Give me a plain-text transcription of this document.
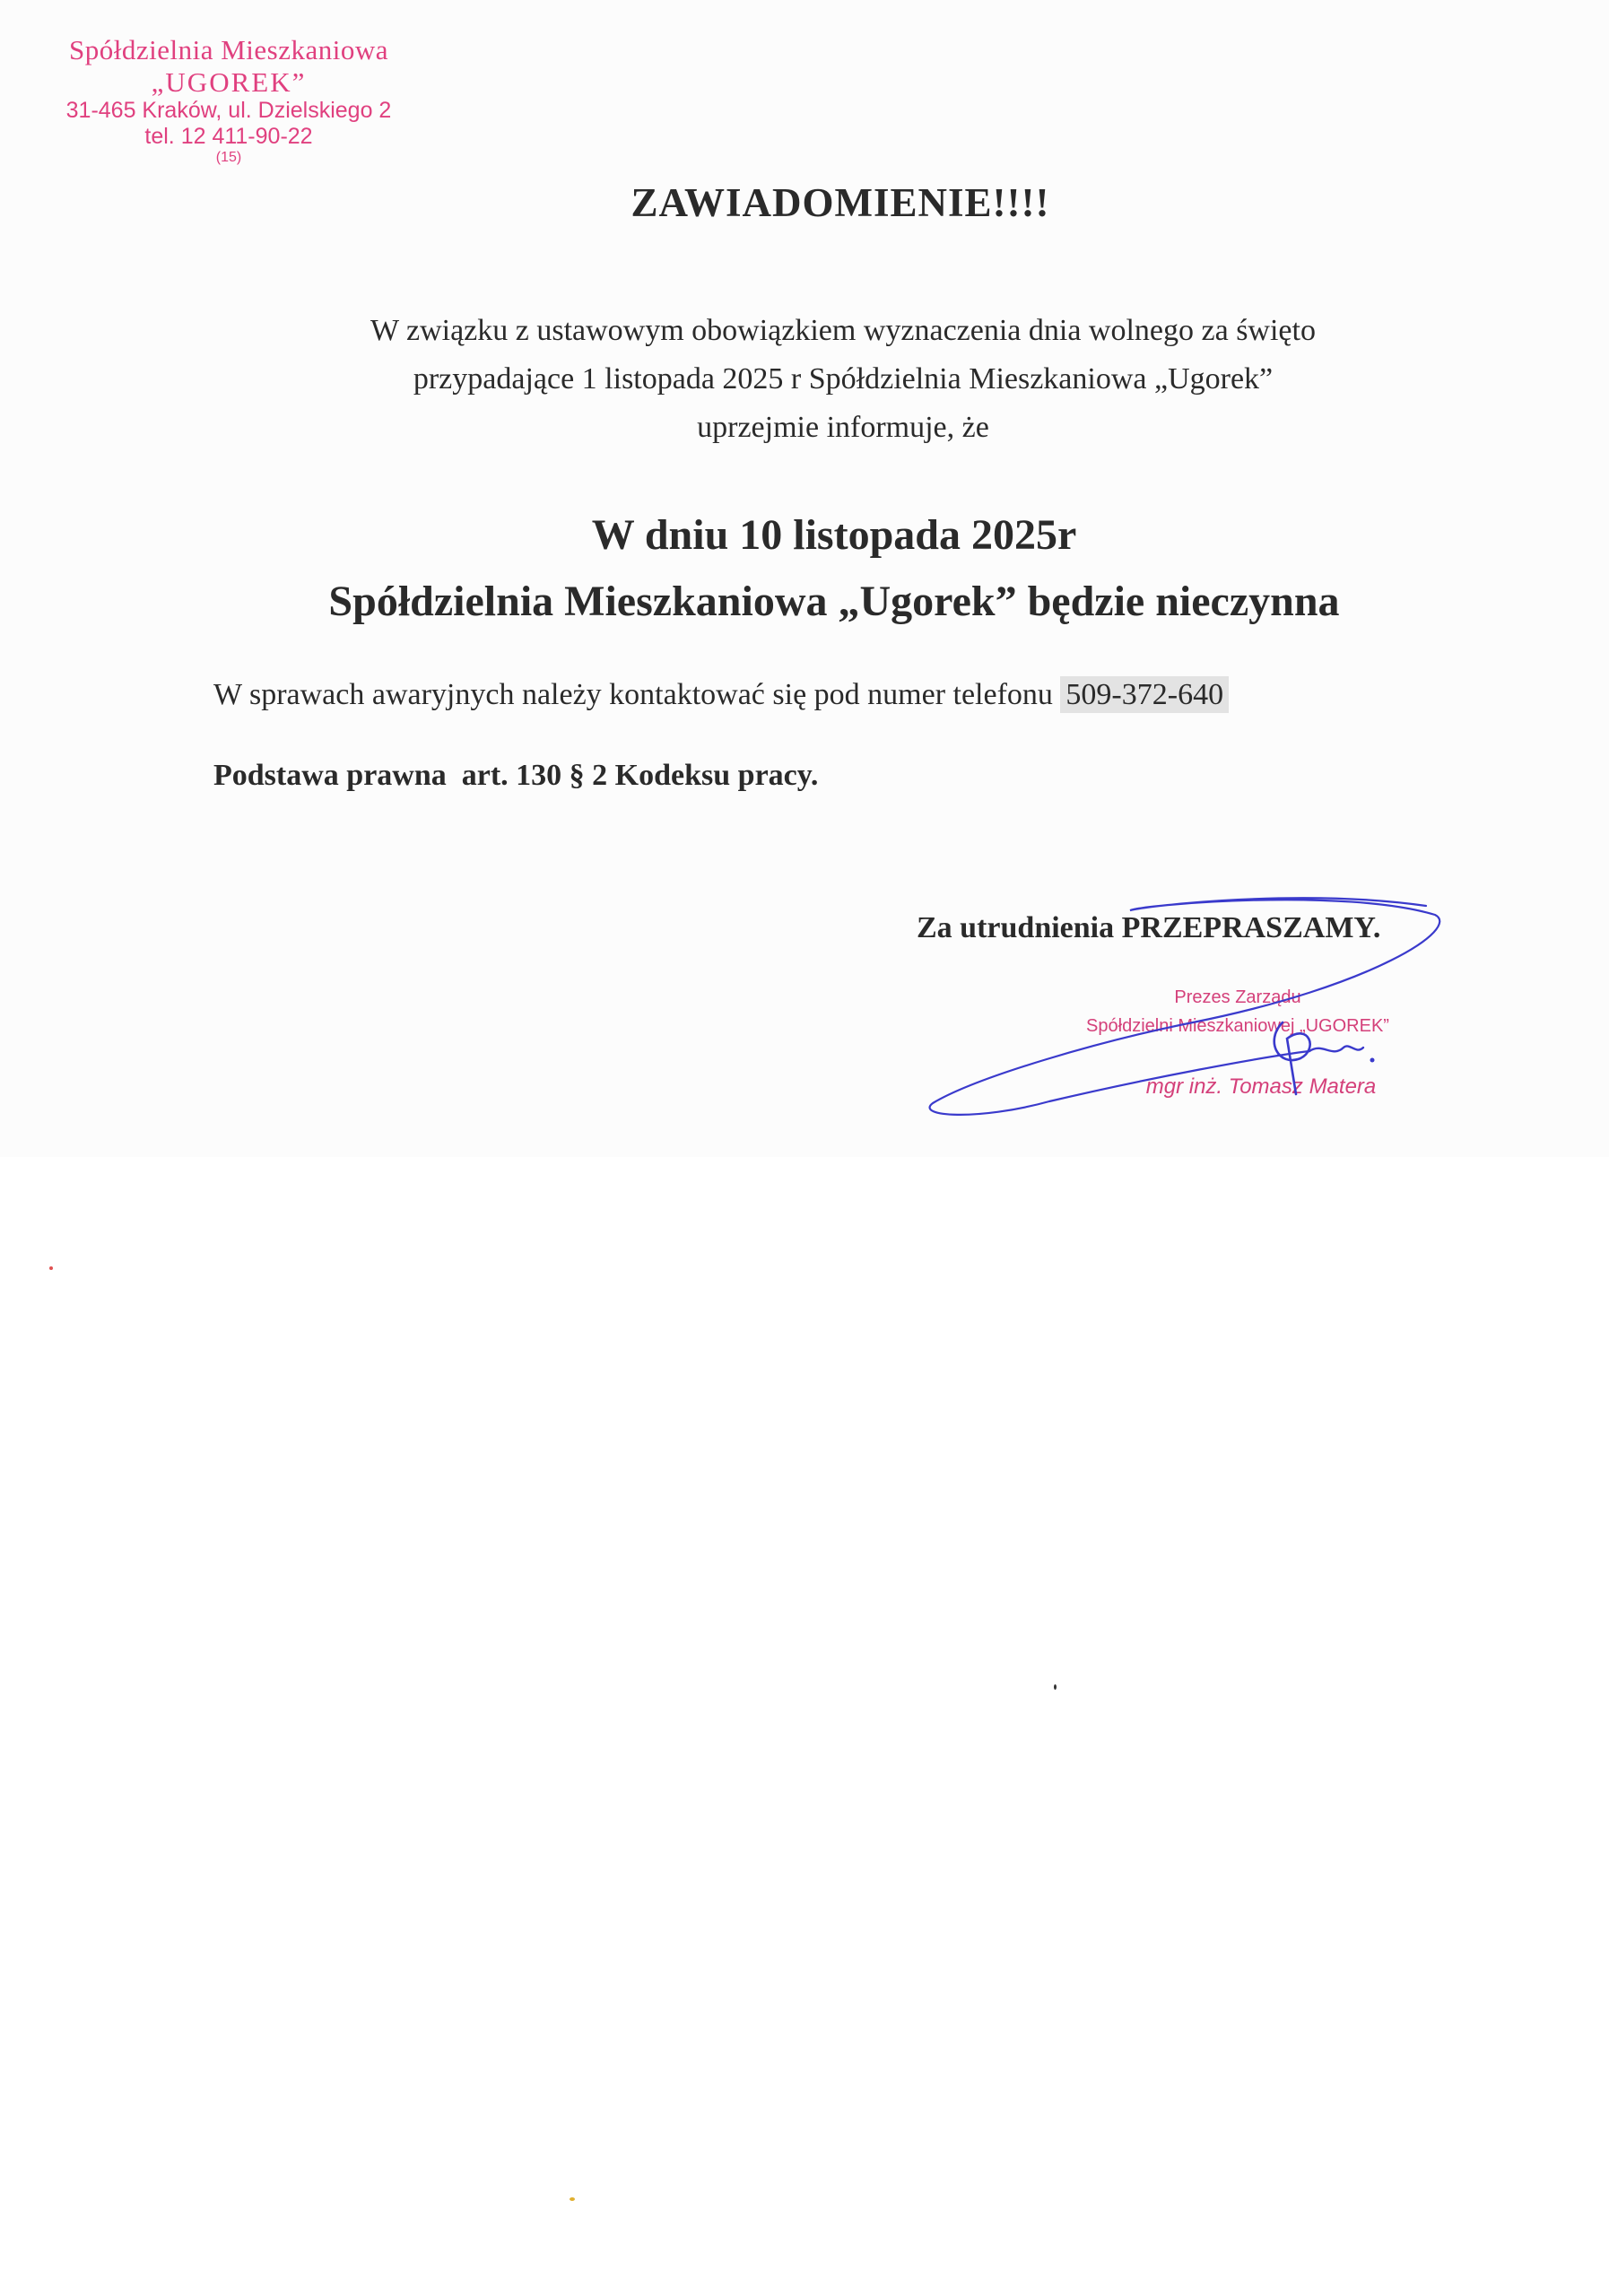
Spółdzielnia Mieszkaniowa
„UGOREK”
31-465 Kraków, ul. Dzielskiego 2
tel. 12 411-90-22
(15)
ZAWIADOMIENIE!!!!
W związku z ustawowym obowiązkiem wyznaczenia dnia wolnego za święto
przypadające 1 listopada 2025 r Spółdzielnia Mieszkaniowa „Ugorek”
uprzejmie informuje, że
W dniu 10 listopada 2025r
Spółdzielnia Mieszkaniowa „Ugorek” będzie nieczynna
W sprawach awaryjnych należy kontaktować się pod numer telefonu 509-372-640
Podstawa prawna  art. 130 § 2 Kodeksu pracy.
Za utrudnienia PRZEPRASZAMY.
Prezes Zarządu
Spółdzielni Mieszkaniowej „UGOREK”
mgr inż. Tomasz Matera
